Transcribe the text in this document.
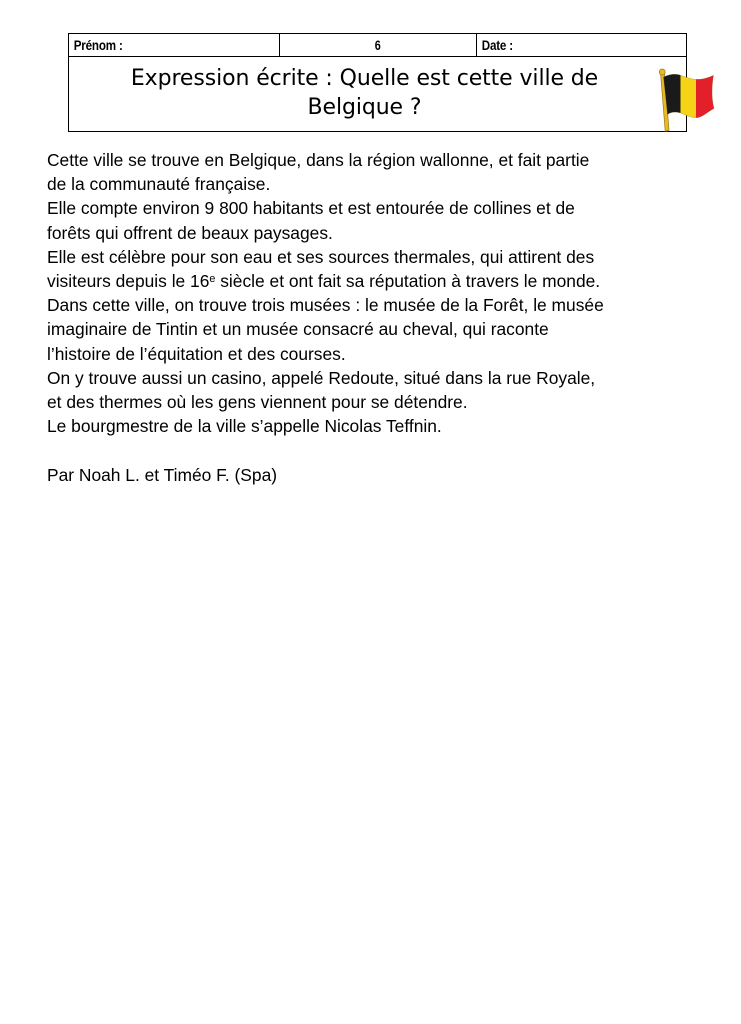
Prénom :	6	Date :

Expression écrite : Quelle est cette ville de
Belgique ?

Cette ville se trouve en Belgique, dans la région wallonne, et fait partie

de la communauté française.

Elle compte environ 9 800 habitants et est entourée de collines et de

forêts qui offrent de beaux paysages.

Elle est célèbre pour son eau et ses sources thermales, qui attirent des

visiteurs depuis le 16e siècle et ont fait sa réputation à travers le monde.

Dans cette ville, on trouve trois musées : le musée de la Forêt, le musée

imaginaire de Tintin et un musée consacré au cheval, qui raconte

l’histoire de l’équitation et des courses.

On y trouve aussi un casino, appelé Redoute, situé dans la rue Royale,

et des thermes où les gens viennent pour se détendre.

Le bourgmestre de la ville s’appelle Nicolas Teffnin.

Par Noah L. et Timéo F. (Spa)
